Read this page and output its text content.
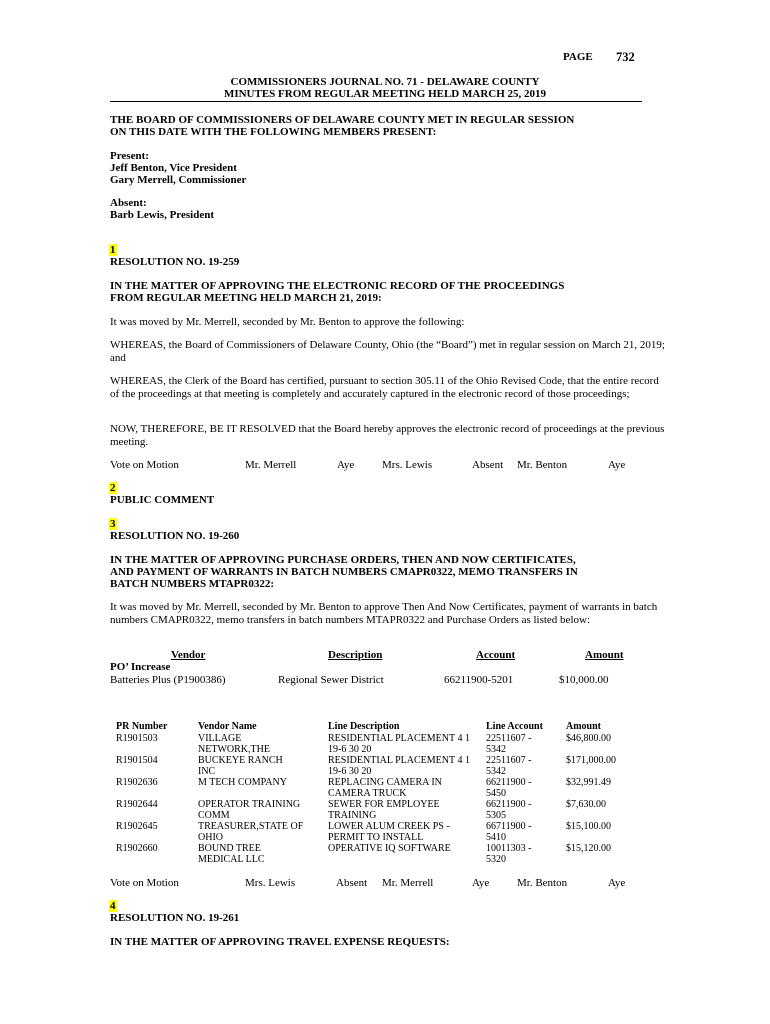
PAGE 732
COMMISSIONERS JOURNAL NO. 71 - DELAWARE COUNTY
MINUTES FROM REGULAR MEETING HELD MARCH 25, 2019
THE BOARD OF COMMISSIONERS OF DELAWARE COUNTY MET IN REGULAR SESSION
ON THIS DATE WITH THE FOLLOWING MEMBERS PRESENT:
Present:
Jeff Benton, Vice President
Gary Merrell, Commissioner
Absent:
Barb Lewis, President
1
RESOLUTION NO. 19-259
IN THE MATTER OF APPROVING THE ELECTRONIC RECORD OF THE PROCEEDINGS
FROM REGULAR MEETING HELD MARCH 21, 2019:
It was moved by Mr. Merrell, seconded by Mr. Benton to approve the following:
WHEREAS, the Board of Commissioners of Delaware County, Ohio (the “Board”) met in regular session on March 21, 2019; and
WHEREAS, the Clerk of the Board has certified, pursuant to section 305.11 of the Ohio Revised Code, that the entire record of the proceedings at that meeting is completely and accurately captured in the electronic record of those proceedings;
NOW, THEREFORE, BE IT RESOLVED that the Board hereby approves the electronic record of proceedings at the previous meeting.
Vote on Motion	Mr. Merrell	Aye	Mrs. Lewis	Absent Mr. Benton	Aye
2
PUBLIC COMMENT
3
RESOLUTION NO. 19-260
IN THE MATTER OF APPROVING PURCHASE ORDERS, THEN AND NOW CERTIFICATES,
AND PAYMENT OF WARRANTS IN BATCH NUMBERS CMAPR0322, MEMO TRANSFERS IN
BATCH NUMBERS MTAPR0322:
It was moved by Mr. Merrell, seconded by Mr. Benton to approve Then And Now Certificates, payment of warrants in batch numbers CMAPR0322, memo transfers in batch numbers MTAPR0322 and Purchase Orders as listed below:
Vendor	Description	Account	Amount
PO’ Increase
Batteries Plus (P1900386)	Regional Sewer District	66211900-5201	$10,000.00
PR Number	Vendor Name	Line Description	Line Account	Amount
R1901503	VILLAGE NETWORK,THE	RESIDENTIAL PLACEMENT 4 1 19-6 30 20	22511607 - 5342	$46,800.00
R1901504	BUCKEYE RANCH INC	RESIDENTIAL PLACEMENT 4 1 19-6 30 20	22511607 - 5342	$171,000.00
R1902636	M TECH COMPANY	REPLACING CAMERA IN CAMERA TRUCK	66211900 - 5450	$32,991.49
R1902644	OPERATOR TRAINING COMM	SEWER FOR EMPLOYEE TRAINING	66211900 - 5305	$7,630.00
R1902645	TREASURER,STATE OF OHIO	LOWER ALUM CREEK PS - PERMIT TO INSTALL	66711900 - 5410	$15,100.00
R1902660	BOUND TREE MEDICAL LLC	OPERATIVE IQ SOFTWARE	10011303 - 5320	$15,120.00
Vote on Motion	Mrs. Lewis	Absent Mr. Merrell	Aye	Mr. Benton	Aye
4
RESOLUTION NO. 19-261
IN THE MATTER OF APPROVING TRAVEL EXPENSE REQUESTS:
